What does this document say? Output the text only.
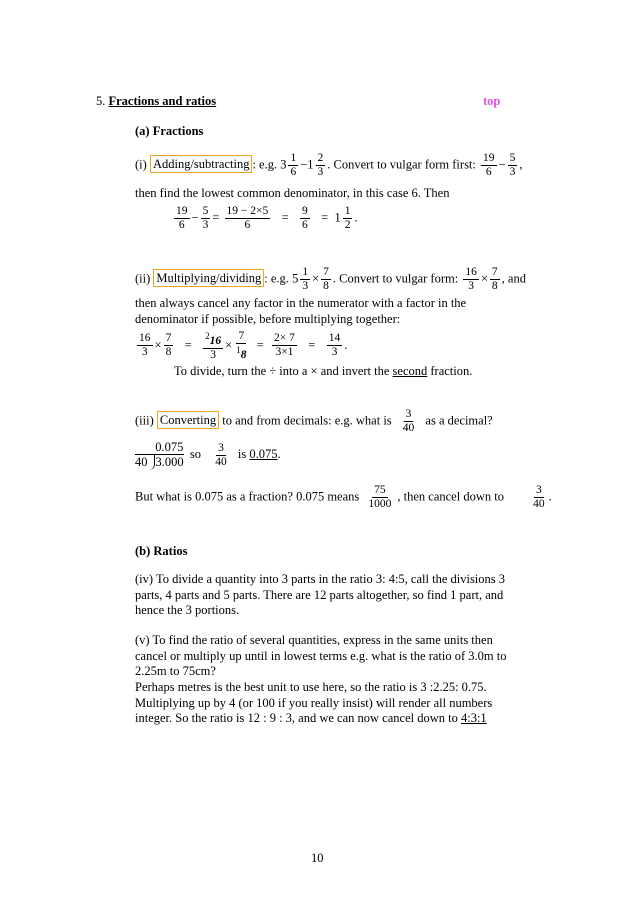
5. Fractions and ratios	top
(a) Fractions
(i) Adding/subtracting : e.g. $3 \frac{1}{6} -1 \frac{2}{3}$ . Convert to vulgar form first: $\frac{19}{6} - \frac{5}{3}$ ,
then find the lowest common denominator, in this case 6. Then
$\frac{19}{6} - \frac{5}{3} = \frac{19 - 2\times 5}{6} = \frac{9}{6} = 1 \frac{1}{2}$ .
(ii) Multiplying/dividing : e.g. $5 \frac{1}{3} \times \frac{7}{8}$ . Convert to vulgar form: $\frac{16}{3} \times \frac{7}{8}$ , and
then always cancel any factor in the numerator with a factor in the
denominator if possible, before multiplying together:
$\frac{16}{3} \times \frac{7}{8} = \frac{^216}{3} \times \frac{7}{^18} = \frac{2\times 7}{3\times 1} = \frac{14}{3}$ .
To divide, turn the ÷ into a × and invert the second fraction.
(iii) Converting to and from decimals: e.g. what is $\frac{3}{40}$ as a decimal?
$\frac{0.075}{40 3.000}$ so $\frac{3}{40}$ is 0.075.
But what is 0.075 as a fraction? 0.075 means $\frac{75}{1000}$ , then cancel down to $\frac{3}{40}$ .
(b) Ratios
(iv) To divide a quantity into 3 parts in the ratio 3: 4:5, call the divisions 3 parts, 4 parts and 5 parts. There are 12 parts altogether, so find 1 part, and hence the 3 portions.
(v) To find the ratio of several quantities, express in the same units then cancel or multiply up until in lowest terms e.g. what is the ratio of 3.0m to 2.25m to 75cm?
Perhaps metres is the best unit to use here, so the ratio is 3 :2.25: 0.75. Multiplying up by 4 (or 100 if you really insist) will render all numbers integer. So the ratio is 12 : 9 : 3, and we can now cancel down to 4:3:1
10
